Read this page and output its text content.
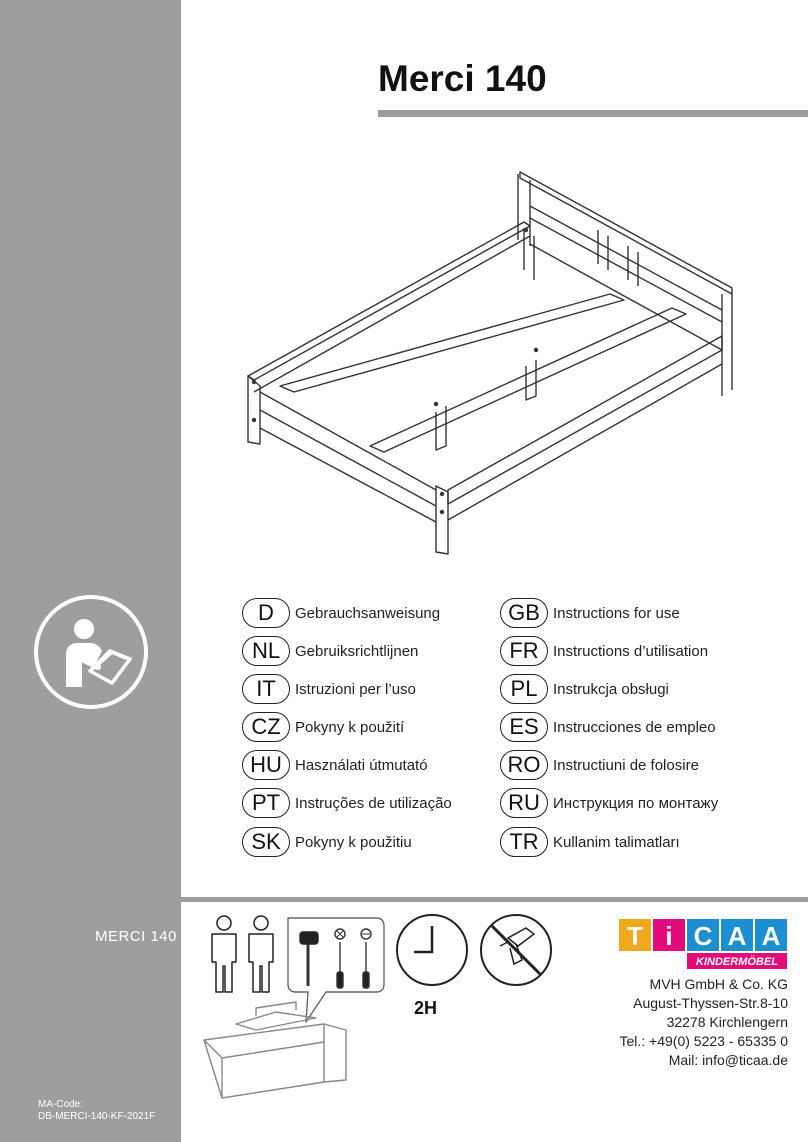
Merci 140
D	Gebrauchsanweisung
NL Gebruiksrichtlijnen
IT	Istruzioni per l’uso
CZ Pokyny k použití
HU Használati útmutató
PT Instruções de utilização
SK Pokyny k použitiu
GB Instructions for use
FR Instructions d’utilisation
PL	Instrukcja obsługi
ES Instrucciones de empleo
RO Instructiuni de folosire
RU Инструкция по монтажу
TR Kullanim talimatları
MERCI 140
MA-Code:
DB-MERCI-140-KF-2021F
2H
T i C A A
KINDERMÖBEL
MVH GmbH & Co. KG
August-Thyssen-Str.8-10
32278 Kirchlengern
Tel.: +49(0) 5223 - 65335 0
Mail: info@ticaa.de
